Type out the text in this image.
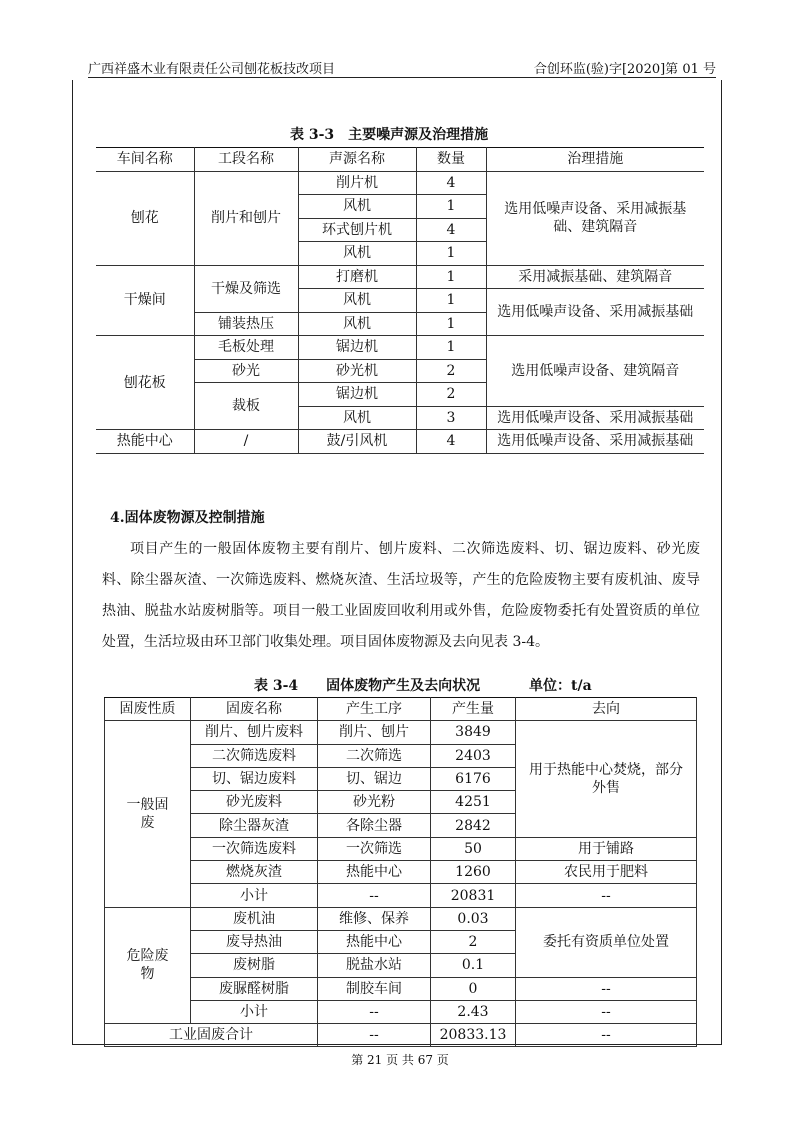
广西祥盛木业有限责任公司刨花板技改项目	合创环监(验)字[2020]第 01 号
表 3-3　主要噪声源及治理措施
车间名称	工段名称	声源名称	数量	治理措施
刨花	削片和刨片	削片机	4	选用低噪声设备、采用减振基础、建筑隔音
		风机	1	
		环式刨片机	4	
		风机	1	
干燥间	干燥及筛选	打磨机	1	采用减振基础、建筑隔音
		风机	1	选用低噪声设备、采用减振基础
	铺装热压	风机	1	
刨花板	毛板处理	锯边机	1	选用低噪声设备、建筑隔音
	砂光	砂光机	2	
	裁板	锯边机	2	
		风机	3	选用低噪声设备、采用减振基础

热能中心	/	鼓/引风机	4	选用低噪声设备、采用减振基础

4.固体废物源及控制措施
项目产生的一般固体废物主要有削片、刨片废料、二次筛选废料、切、锯边废料、砂光废料、除尘器灰渣、一次筛选废料、燃烧灰渣、生活垃圾等，产生的危险废物主要有废机油、废导热油、脱盐水站废树脂等。项目一般工业固废回收利用或外售，危险废物委托有处置资质的单位处置，生活垃圾由环卫部门收集处理。项目固体废物源及去向见表 3-4。
表 3-4　　固体废物产生及去向状况	单位：t/a
固废性质	固废名称	产生工序	产生量	去向
一般固废	削片、刨片废料	削片、刨片	3849	用于热能中心焚烧，部分外售
	二次筛选废料	二次筛选	2403	
	切、锯边废料	切、锯边	6176	
	砂光废料	砂光粉	4251	
	除尘器灰渣	各除尘器	2842	
	一次筛选废料	一次筛选	50	用于铺路
	燃烧灰渣	热能中心	1260	农民用于肥料
	小计	--	20831	--
危险废物	废机油	维修、保养	0.03	委托有资质单位处置
	废导热油	热能中心	2	
	废树脂	脱盐水站	0.1	
	废脲醛树脂	制胶车间	0	--
	小计	--	2.43	--
工业固废合计		--	20833.13	--
第 21 页 共 67 页
